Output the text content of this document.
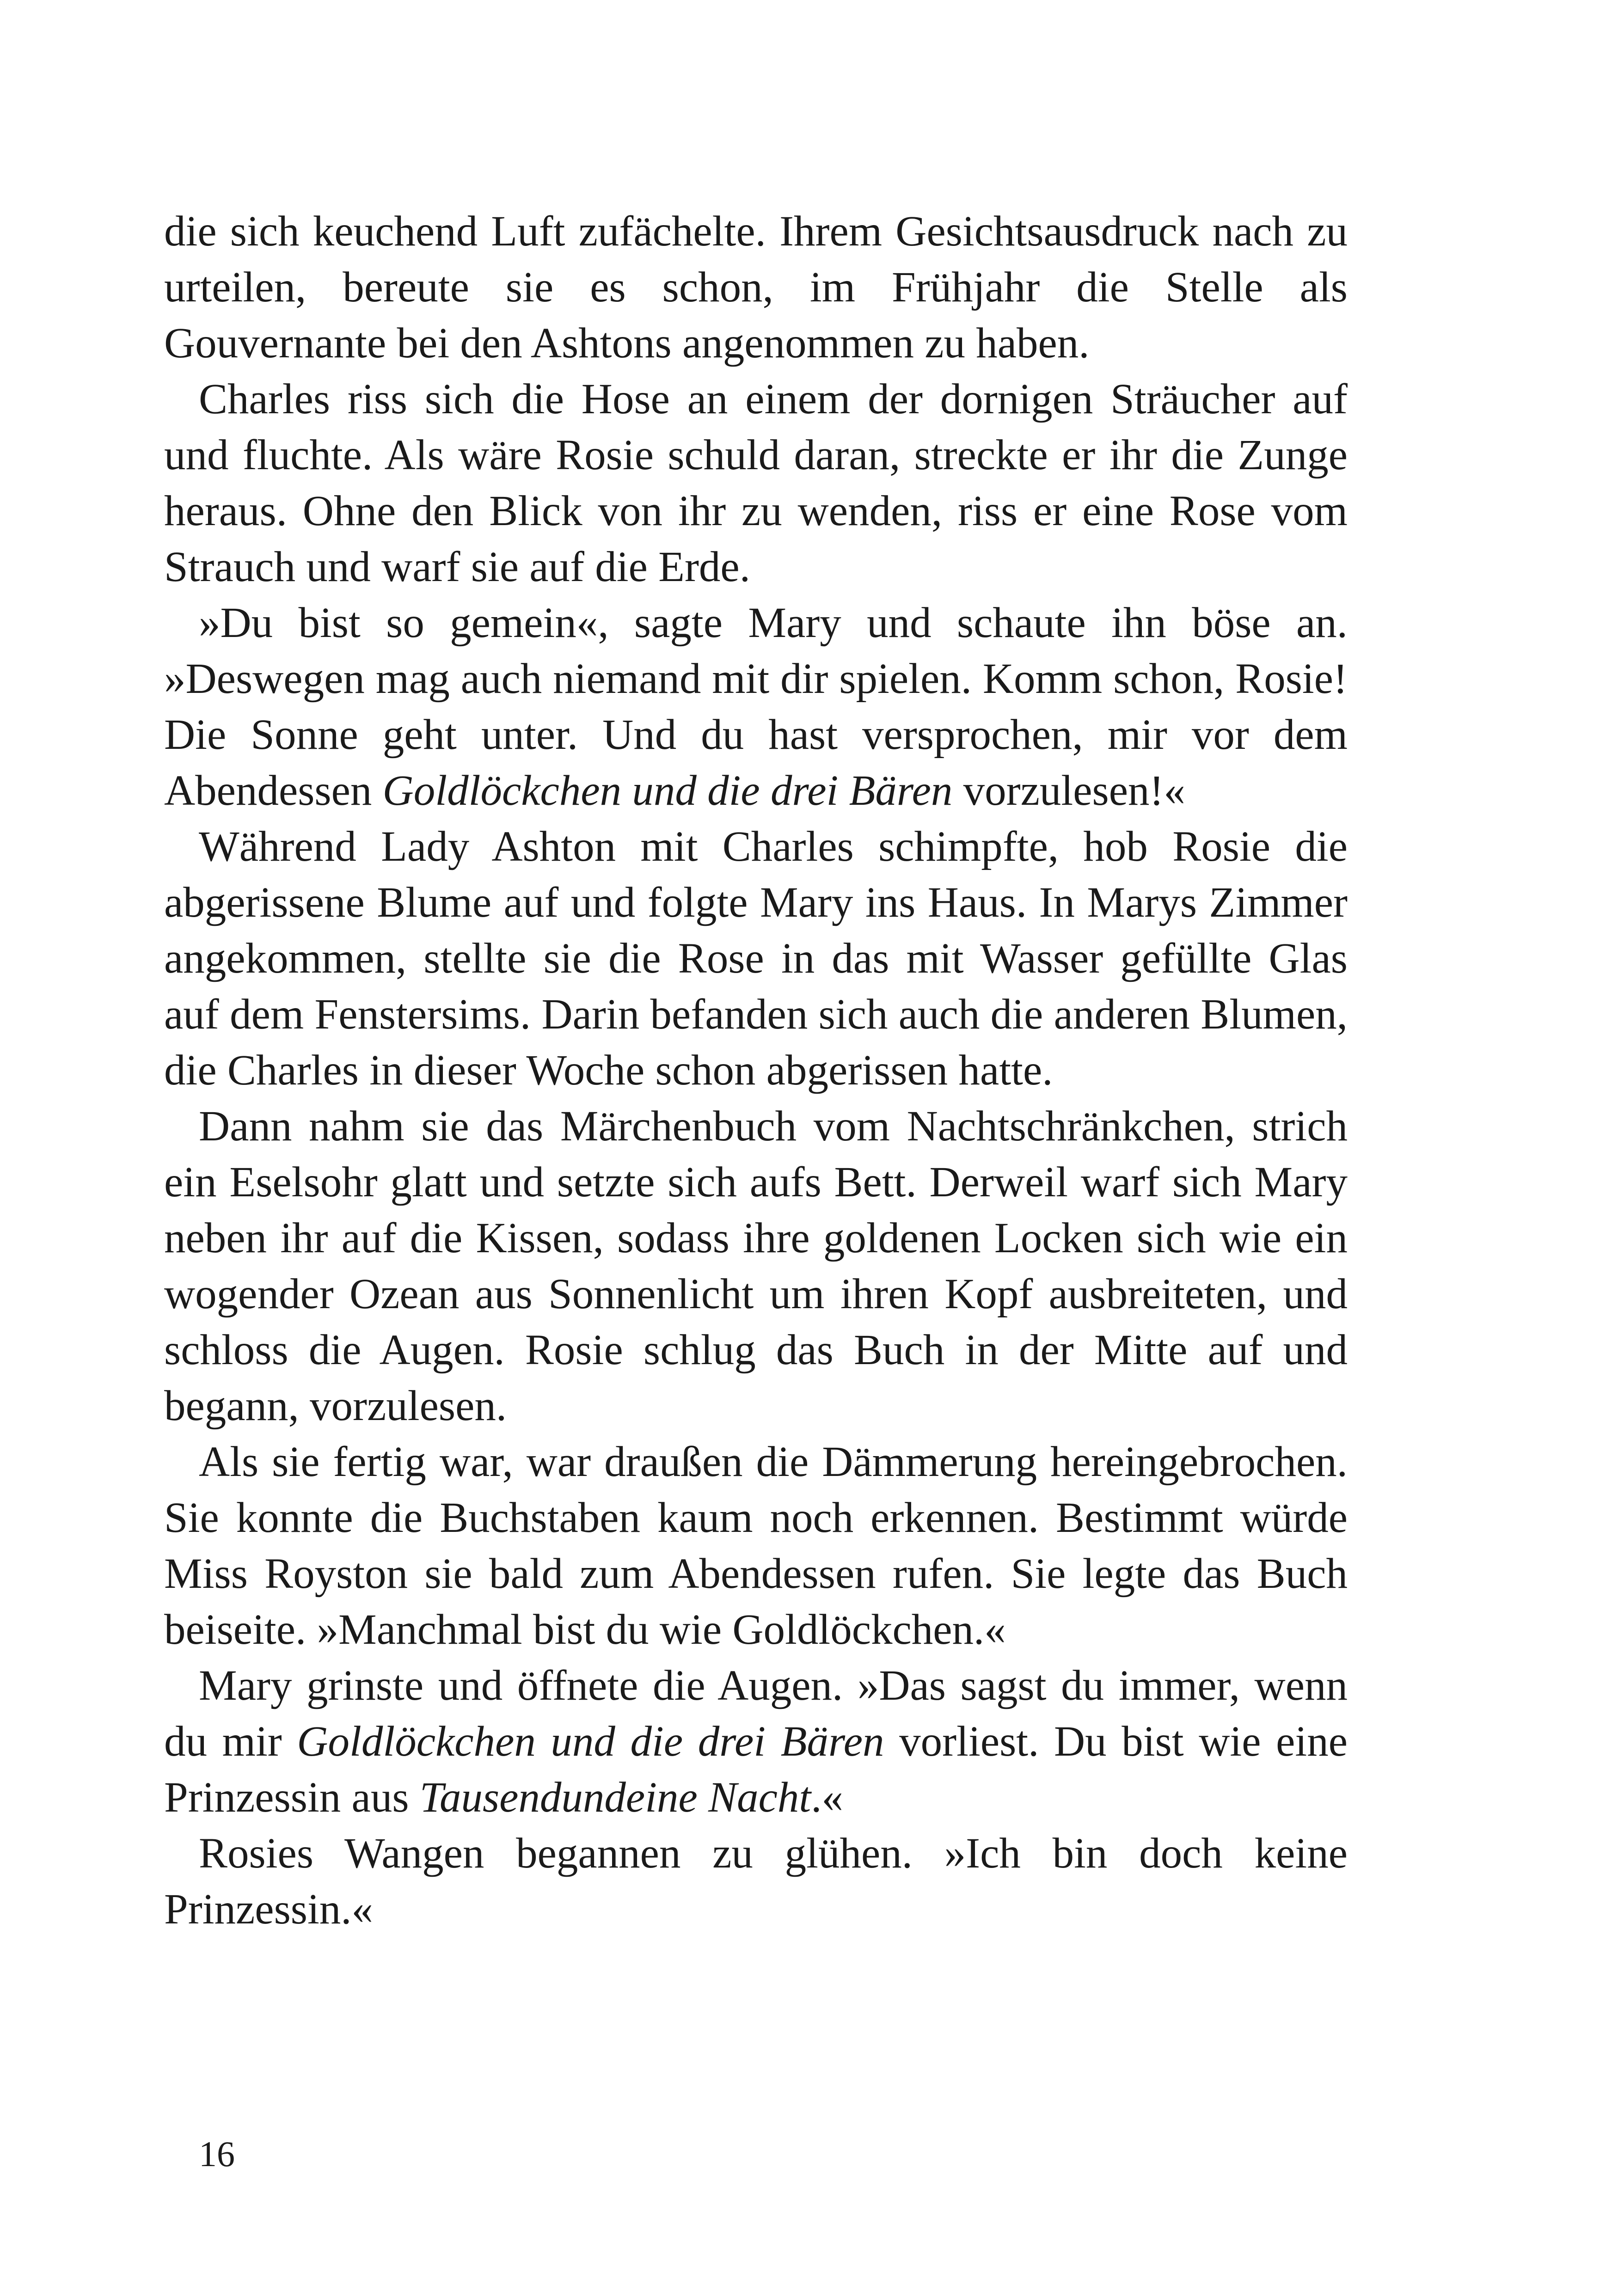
die sich keuchend Luft zufächelte. Ihrem Gesichtsausdruck nach zu urteilen, bereute sie es schon, im Frühjahr die Stelle als Gouvernante bei den Ashtons angenommen zu haben.

Charles riss sich die Hose an einem der dornigen Sträucher auf und fluchte. Als wäre Rosie schuld daran, streckte er ihr die Zunge heraus. Ohne den Blick von ihr zu wenden, riss er eine Rose vom Strauch und warf sie auf die Erde.

»Du bist so gemein«, sagte Mary und schaute ihn böse an. »Deswegen mag auch niemand mit dir spielen. Komm schon, Rosie! Die Sonne geht unter. Und du hast versprochen, mir vor dem Abendessen Goldlöckchen und die drei Bären vorzulesen!«

Während Lady Ashton mit Charles schimpfte, hob Rosie die abgerissene Blume auf und folgte Mary ins Haus. In Marys Zimmer angekommen, stellte sie die Rose in das mit Wasser gefüllte Glas auf dem Fenstersims. Darin befanden sich auch die anderen Blumen, die Charles in dieser Woche schon abgerissen hatte.

Dann nahm sie das Märchenbuch vom Nachtschränkchen, strich ein Eselsohr glatt und setzte sich aufs Bett. Derweil warf sich Mary neben ihr auf die Kissen, sodass ihre goldenen Locken sich wie ein wogender Ozean aus Sonnenlicht um ihren Kopf ausbreiteten, und schloss die Augen. Rosie schlug das Buch in der Mitte auf und begann, vorzulesen.

Als sie fertig war, war draußen die Dämmerung hereingebrochen. Sie konnte die Buchstaben kaum noch erkennen. Bestimmt würde Miss Royston sie bald zum Abendessen rufen. Sie legte das Buch beiseite. »Manchmal bist du wie Goldlöckchen.«

Mary grinste und öffnete die Augen. »Das sagst du immer, wenn du mir Goldlöckchen und die drei Bären vorliest. Du bist wie eine Prinzessin aus Tausendundeine Nacht.«

Rosies Wangen begannen zu glühen. »Ich bin doch keine Prinzessin.«

16
